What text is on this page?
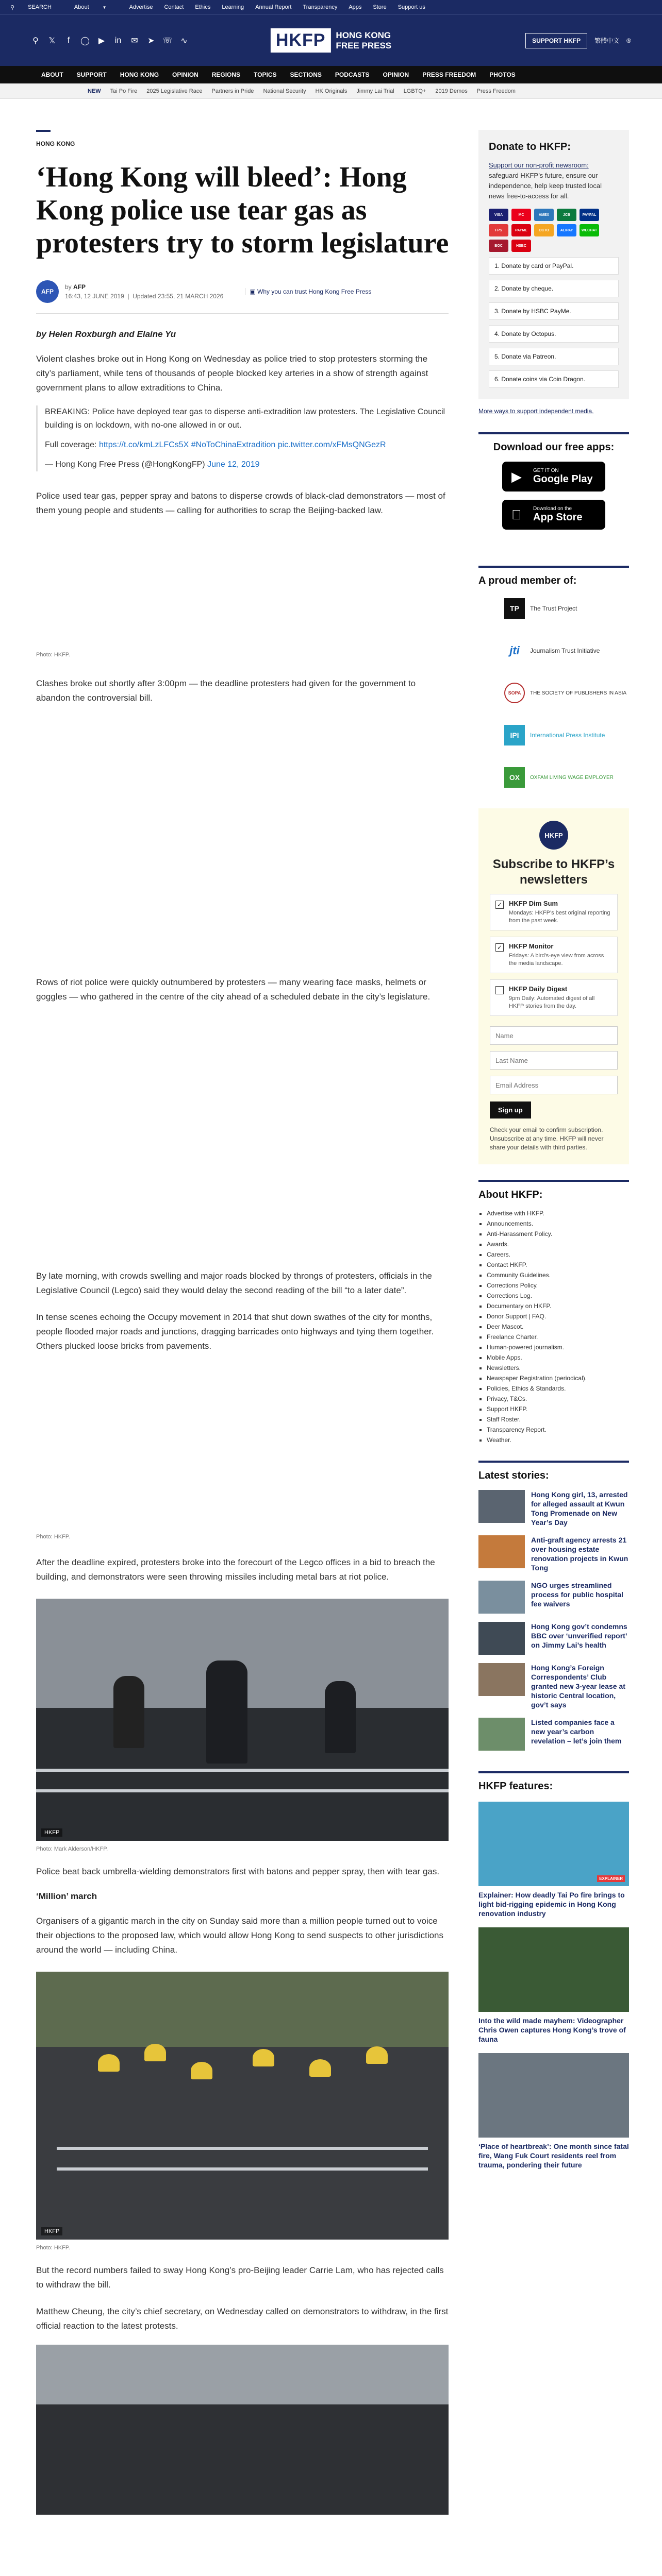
⚲ SEARCH	About	▼	Advertise Contact Ethics Learning Annual Report Transparency Apps Store Support us
⚲ 𝕏	f	◯ ▶ in ✉ ➤ ☏ ∿	HKFP	HONG KONG
FREE PRESS	SUPPORT HKFP	繁體中文 ®
ABOUT SUPPORT HONG KONG OPINION REGIONS TOPICS SECTIONS PODCASTS OPINION PRESS FREEDOM PHOTOS
NEW Tai Po Fire 2025 Legislative Race Partners in Pride National Security HK Originals Jimmy Lai Trial LGBTQ+ 2019 Demos Press Freedom
HONG KONG
‘Hong Kong will bleed’: Hong Kong police use tear gas as protesters try to storm legislature
AFP
by AFP
16:43, 12 JUNE 2019  |  Updated 23:55, 21 MARCH 2026
▣ Why you can trust Hong Kong Free Press

by Helen Roxburgh and Elaine Yu

Violent clashes broke out in Hong Kong on Wednesday as police tried to stop protesters storming the city’s parliament, while tens of thousands of people blocked key arteries in a show of strength against government plans to allow extraditions to China.

BREAKING: Police have deployed tear gas to disperse anti-extradition law protesters. The Legislative Council building is on lockdown, with no-one allowed in or out.

Full coverage: https://t.co/kmLzLFCs5X #NoToChinaExtradition pic.twitter.com/xFMsQNGezR

— Hong Kong Free Press (@HongKongFP) June 12, 2019

Police used tear gas, pepper spray and batons to disperse crowds of black-clad demonstrators — most of them young people and students — calling for authorities to scrap the Beijing-backed law.

Photo: HKFP.

Clashes broke out shortly after 3:00pm — the deadline protesters had given for the government to abandon the controversial bill.

Rows of riot police were quickly outnumbered by protesters — many wearing face masks, helmets or goggles — who gathered in the centre of the city ahead of a scheduled debate in the city’s legislature.

By late morning, with crowds swelling and major roads blocked by throngs of protesters, officials in the Legislative Council (Legco) said they would delay the second reading of the bill “to a later date”.

In tense scenes echoing the Occupy movement in 2014 that shut down swathes of the city for months, people flooded major roads and junctions, dragging barricades onto highways and tying them together. Others plucked loose bricks from pavements.

Photo: HKFP.

After the deadline expired, protesters broke into the forecourt of the Legco offices in a bid to breach the building, and demonstrators were seen throwing missiles including metal bars at riot police.

HKFP

Photo: Mark Alderson/HKFP.

Police beat back umbrella-wielding demonstrators first with batons and pepper spray, then with tear gas.

‘Million’ march

Organisers of a gigantic march in the city on Sunday said more than a million people turned out to voice their objections to the proposed law, which would allow Hong Kong to send suspects to other jurisdictions around the world — including China.

HKFP

Photo: HKFP.

But the record numbers failed to sway Hong Kong’s pro-Beijing leader Carrie Lam, who has rejected calls to withdraw the bill.

Matthew Cheung, the city’s chief secretary, on Wednesday called on demonstrators to withdraw, in the first official reaction to the latest protests.

Donate to HKFP:

Support our non-profit newsroom: safeguard HKFP’s future, ensure our independence, help keep trusted local news free-to-access for all.

VISA	MC	AMEX	JCB	PAYPAL
FPS	PAYME	OCTO	ALIPAY	WECHAT
BOC	HSBC
1. Donate by card or PayPal.
2. Donate by cheque.
3. Donate by HSBC PayMe.
4. Donate by Octopus.
5. Donate via Patreon.
6. Donate coins via Coin Dragon.

More ways to support independent media.

Download our free apps:
▶ GET IT ON
Google Play
Download on the
App Store
A proud member of:
TP	The Trust Project
jti	Journalism Trust Initiative
SOPA	THE SOCIETY OF PUBLISHERS IN ASIA
IPI	International Press Institute
OX	OXFAM LIVING WAGE EMPLOYER
HKFP
Subscribe to HKFP’s newsletters
✓ HKFP Dim Sum
Mondays: HKFP's best original reporting from the past week.
✓ HKFP Monitor
Fridays: A bird's-eye view from across the media landscape.
HKFP Daily Digest
9pm Daily: Automated digest of all HKFP stories from the day.
Name Last Name Email Address Sign up

Check your email to confirm subscription. Unsubscribe at any time. HKFP will never share your details with third parties.

About HKFP:
▪ Advertise with HKFP.
▪ Announcements.
▪ Anti-Harassment Policy.
▪ Awards.
▪ Careers.
▪ Contact HKFP.
▪ Community Guidelines.
▪ Corrections Policy.
▪ Corrections Log.
▪ Documentary on HKFP.
▪ Donor Support | FAQ.
▪ Deer Mascot.
▪ Freelance Charter.
▪ Human-powered journalism.
▪ Mobile Apps.
▪ Newsletters.
▪ Newspaper Registration (periodical).
▪ Policies, Ethics & Standards.
▪ Privacy, T&Cs.
▪ Support HKFP.
▪ Staff Roster.
▪ Transparency Report.
▪ Weather.
Latest stories:
Hong Kong girl, 13, arrested for alleged assault at Kwun Tong Promenade on New Year’s Day
Anti-graft agency arrests 21 over housing estate renovation projects in Kwun Tong
NGO urges streamlined process for public hospital fee waivers
Hong Kong gov’t condemns BBC over ‘unverified report’ on Jimmy Lai’s health
Hong Kong’s Foreign Correspondents’ Club granted new 3-year lease at historic Central location, gov’t says
Listed companies face a new year’s carbon revelation – let’s join them
HKFP features:
EXPLAINER
Explainer: How deadly Tai Po fire brings to light bid-rigging epidemic in Hong Kong renovation industry
Into the wild made mayhem: Videographer Chris Owen captures Hong Kong’s trove of fauna
‘Place of heartbreak’: One month since fatal fire, Wang Fuk Court residents reel from trauma, pondering their future
